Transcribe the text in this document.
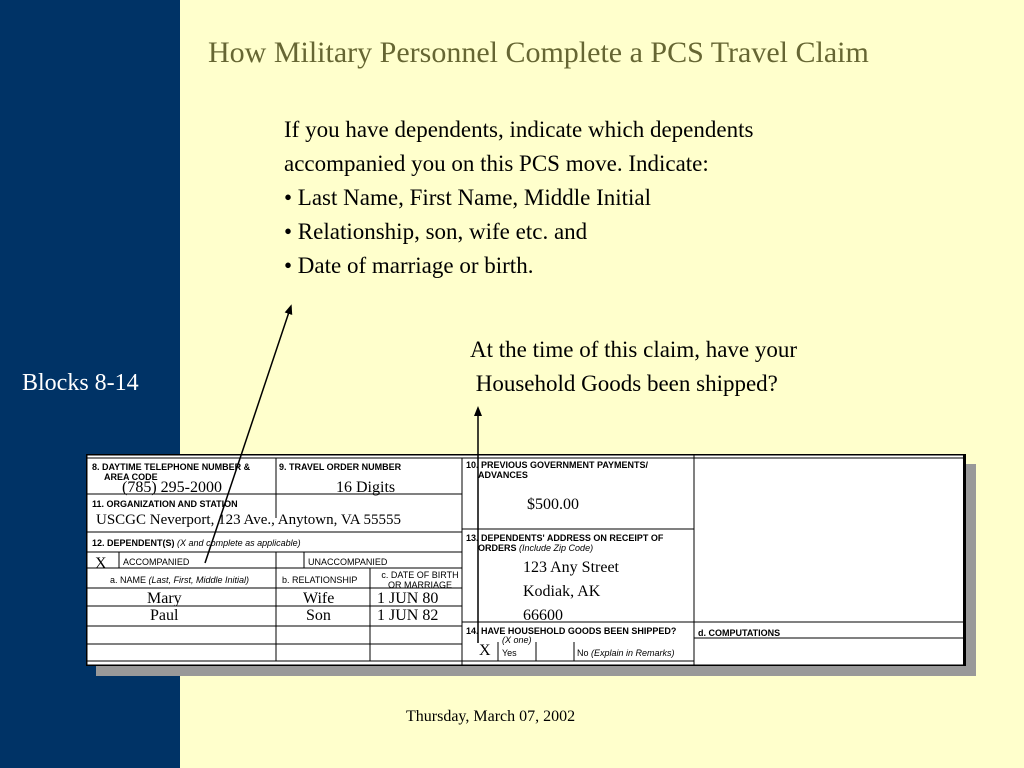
Blocks 8-14
How Military Personnel Complete a PCS Travel Claim
If you have dependents, indicate which dependents
accompanied you on this PCS move. Indicate:
• Last Name, First Name, Middle Initial
• Relationship, son, wife etc. and
• Date of marriage or birth.
At the time of this claim, have your
Household Goods been shipped?
8. DAYTIME TELEPHONE NUMBER &
AREA CODE
(785) 295-2000
9. TRAVEL ORDER NUMBER
16 Digits
10. PREVIOUS GOVERNMENT PAYMENTS/
ADVANCES
$500.00
11. ORGANIZATION AND STATION
USCGC Neverport, 123 Ave., Anytown, VA 55555
12. DEPENDENT(S) (X and complete as applicable)
X ACCOMPANIED	UNACCOMPANIED
a. NAME (Last, First, Middle Initial)	b. RELATIONSHIP	c. DATE OF BIRTH
OR MARRIAGE
Mary	Wife	1 JUN 80
Paul	Son	1 JUN 82
13. DEPENDENTS' ADDRESS ON RECEIPT OF
ORDERS (Include Zip Code)
123 Any Street
Kodiak, AK
66600
14. HAVE HOUSEHOLD GOODS BEEN SHIPPED?
(X one)
X Yes	No (Explain in Remarks)
d. COMPUTATIONS
Thursday, March 07, 2002
